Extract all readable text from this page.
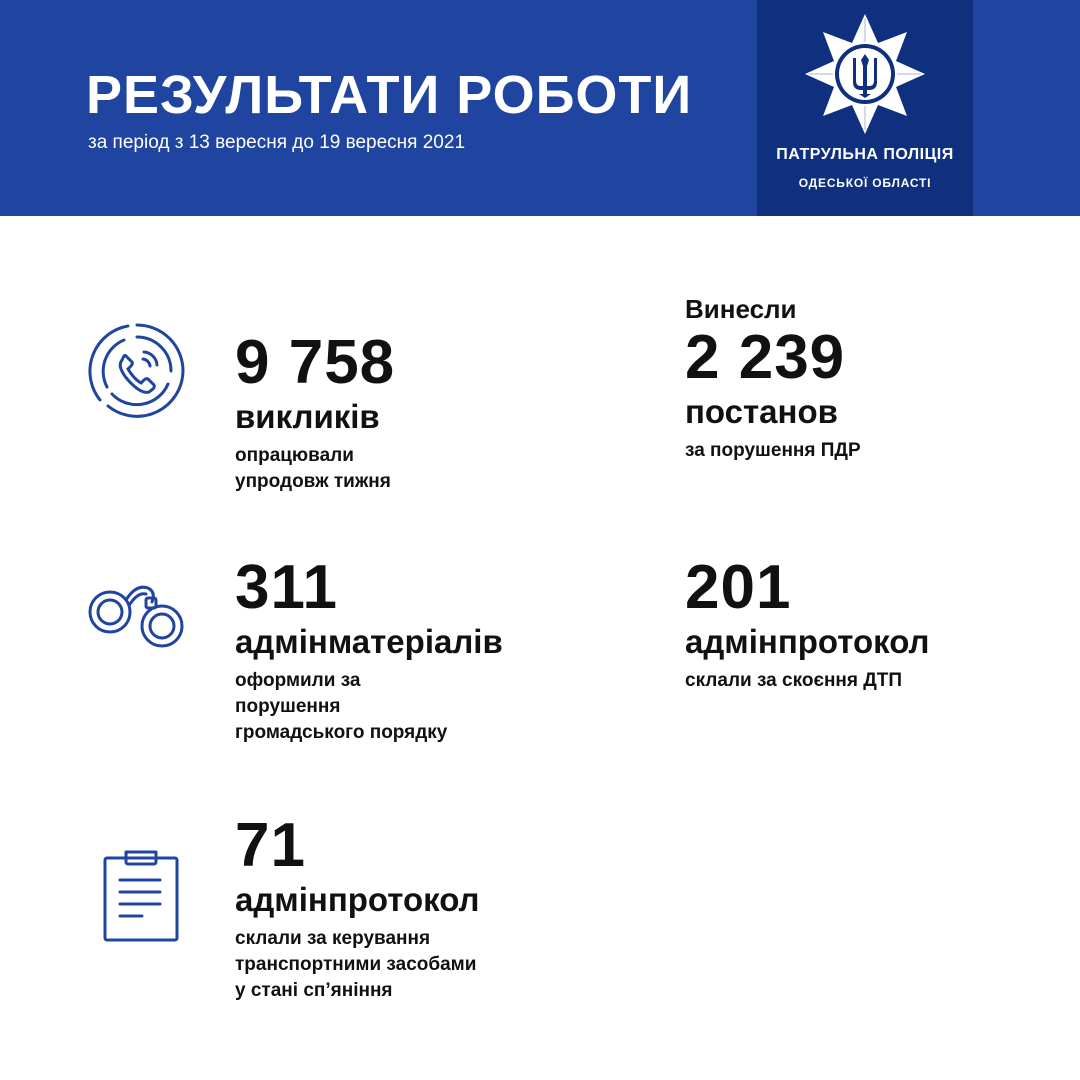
РЕЗУЛЬТАТИ РОБОТИ
за період з 13 вересня до 19 вересня 2021
ПАТРУЛЬНА ПОЛІЦІЯ
ОДЕСЬКОЇ ОБЛАСТІ
9 758
викликів
опрацювали
упродовж тижня
Винесли
2 239
постанов
за порушення ПДР
311
адмінматеріалів
оформили за
порушення
громадського порядку
201
адмінпротокол
склали за скоєння ДТП
71
адмінпротокол
склали за керування
транспортними засобами
у стані сп’яніння
